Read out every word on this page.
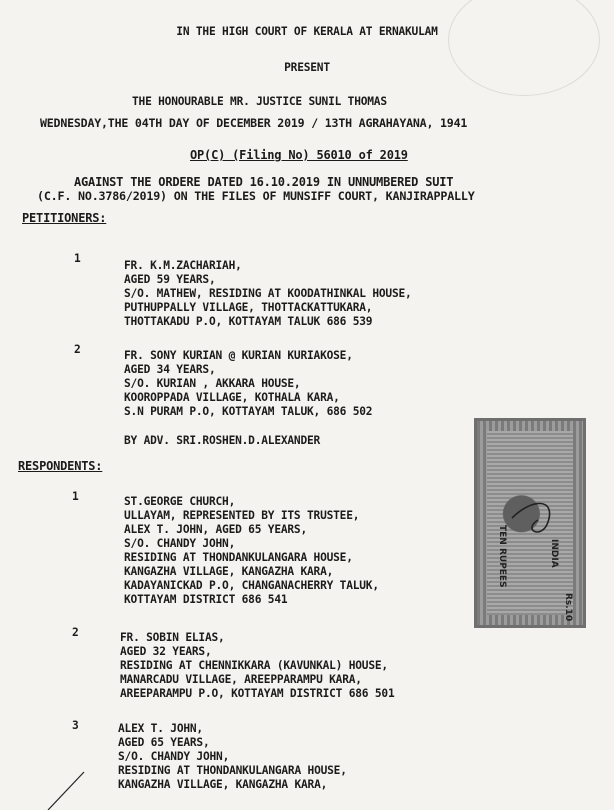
IN THE HIGH COURT OF KERALA AT ERNAKULAM
PRESENT
THE HONOURABLE MR. JUSTICE SUNIL THOMAS
WEDNESDAY,THE 04TH DAY OF DECEMBER 2019 / 13TH AGRAHAYANA, 1941
OP(C) (Filing No) 56010 of 2019
AGAINST THE ORDERE DATED 16.10.2019 IN UNNUMBERED SUIT
(C.F. NO.3786/2019) ON THE FILES OF MUNSIFF COURT, KANJIRAPPALLY
PETITIONERS:
1
FR. K.M.ZACHARIAH,
AGED 59 YEARS,
S/O. MATHEW, RESIDING AT KOODATHINKAL HOUSE,
PUTHUPPALLY VILLAGE, THOTTACKATTUKARA,
THOTTAKADU P.O, KOTTAYAM TALUK 686 539
2	FR. SONY KURIAN @ KURIAN KURIAKOSE,
AGED 34 YEARS,
S/O. KURIAN , AKKARA HOUSE,
KOOROPPADA VILLAGE, KOTHALA KARA,
S.N PURAM P.O, KOTTAYAM TALUK, 686 502
BY ADV. SRI.ROSHEN.D.ALEXANDER
RESPONDENTS:
1	ST.GEORGE CHURCH,
ULLAYAM, REPRESENTED BY ITS TRUSTEE,
ALEX T. JOHN, AGED 65 YEARS,
S/O. CHANDY JOHN,
RESIDING AT THONDANKULANGARA HOUSE,
KANGAZHA VILLAGE, KANGAZHA KARA,
KADAYANICKAD P.O, CHANGANACHERRY TALUK,
KOTTAYAM DISTRICT 686 541
2	FR. SOBIN ELIAS,
AGED 32 YEARS,
RESIDING AT CHENNIKKARA (KAVUNKAL) HOUSE,
MANARCADU VILLAGE, AREEPPARAMPU KARA,
AREEPARAMPU P.O, KOTTAYAM DISTRICT 686 501
3	ALEX T. JOHN,
AGED 65 YEARS,
S/O. CHANDY JOHN,
RESIDING AT THONDANKULANGARA HOUSE,
KANGAZHA VILLAGE, KANGAZHA KARA,
TEN RUPEES	INDIA
Rs.10
